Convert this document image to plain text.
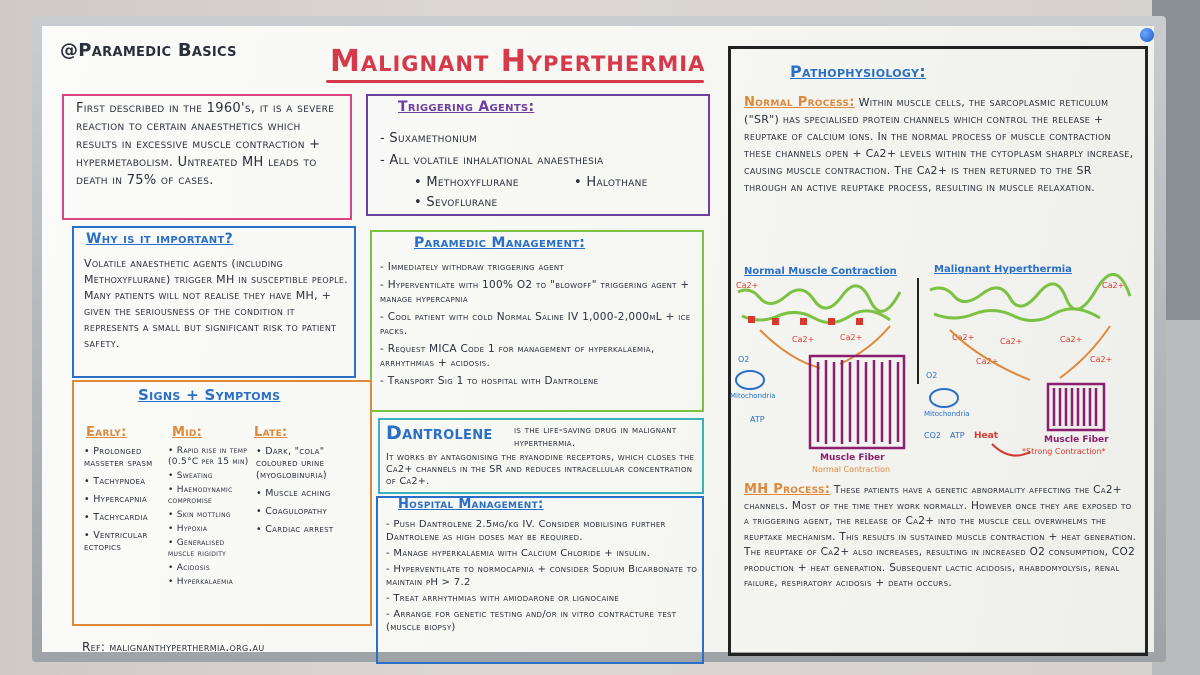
@Paramedic Basics	Malignant Hyperthermia
First described in the 1960's, it is a severe reaction to certain anaesthetics which results in excessive muscle contraction + hypermetabolism. Untreated MH leads to death in 75% of cases.
Triggering Agents:
- Suxamethonium
- All volatile inhalational anaesthesia
• Methoxyflurane	• Halothane
• Sevoflurane
Why is it important?
Volatile anaesthetic agents (including Methoxyflurane) trigger MH in susceptible people. Many patients will not realise they have MH, + given the seriousness of the condition it represents a small but significant risk to patient safety.
Paramedic Management:
- Immediately withdraw triggering agent
- Hyperventilate with 100% O2 to "blowoff" triggering agent + manage hypercapnia
- Cool patient with cold Normal Saline IV 1,000-2,000mL + ice packs.
- Request MICA Code 1 for management of hyperkalaemia, arrhythmias + acidosis.
- Transport Sig 1 to hospital with Dantrolene
Signs + Symptoms
Early:	Mid:	Late:
• Prolonged masseter spasm
• Tachypnoea
• Hypercapnia
• Tachycardia
• Ventricular ectopics
• Rapid rise in temp (0.5°C per 15 min)
• Sweating
• Haemodynamic compromise
• Skin mottling
• Hypoxia
• Generalised muscle rigidity
• Acidosis
• Hyperkalaemia
• Dark, "cola" coloured urine (myoglobinuria)
• Muscle aching
• Coagulopathy
• Cardiac arrest
Ref: malignanthyperthermia.org.au
Dantrolene is the life-saving drug in malignant hyperthermia.
It works by antagonising the ryanodine receptors, which closes the Ca2+ channels in the SR and reduces intracellular concentration of Ca2+.
Hospital Management:
- Push Dantrolene 2.5mg/kg IV. Consider mobilising further Dantrolene as high doses may be required.
- Manage hyperkalaemia with Calcium Chloride + insulin.
- Hyperventilate to normocapnia + consider Sodium Bicarbonate to maintain pH > 7.2
- Treat arrhythmias with amiodarone or lignocaine
- Arrange for genetic testing and/or in vitro contracture test (muscle biopsy)
Pathophysiology:
Normal Process: Within muscle cells, the sarcoplasmic reticulum ("SR") has specialised protein channels which control the release + reuptake of calcium ions. In the normal process of muscle contraction these channels open + Ca2+ levels within the cytoplasm sharply increase, causing muscle contraction. The Ca2+ is then returned to the SR through an active reuptake process, resulting in muscle relaxation.
Normal Muscle Contraction	Malignant Hyperthermia
Ca2+
Ca2+	Ca2+
O2
Mitochondria
ATP
Muscle Fiber
Normal Contraction
Ca2+
Ca2+	Ca2+	Ca2+
Ca2+	Ca2+
O2
Mitochondria
CO2 ATP Heat	Muscle Fiber
*Strong Contraction*
MH Process: These patients have a genetic abnormality affecting the Ca2+ channels. Most of the time they work normally. However once they are exposed to a triggering agent, the release of Ca2+ into the muscle cell overwhelms the reuptake mechanism. This results in sustained muscle contraction + heat generation. The reuptake of Ca2+ also increases, resulting in increased O2 consumption, CO2 production + heat generation. Subsequent lactic acidosis, rhabdomyolysis, renal failure, respiratory acidosis + death occurs.
